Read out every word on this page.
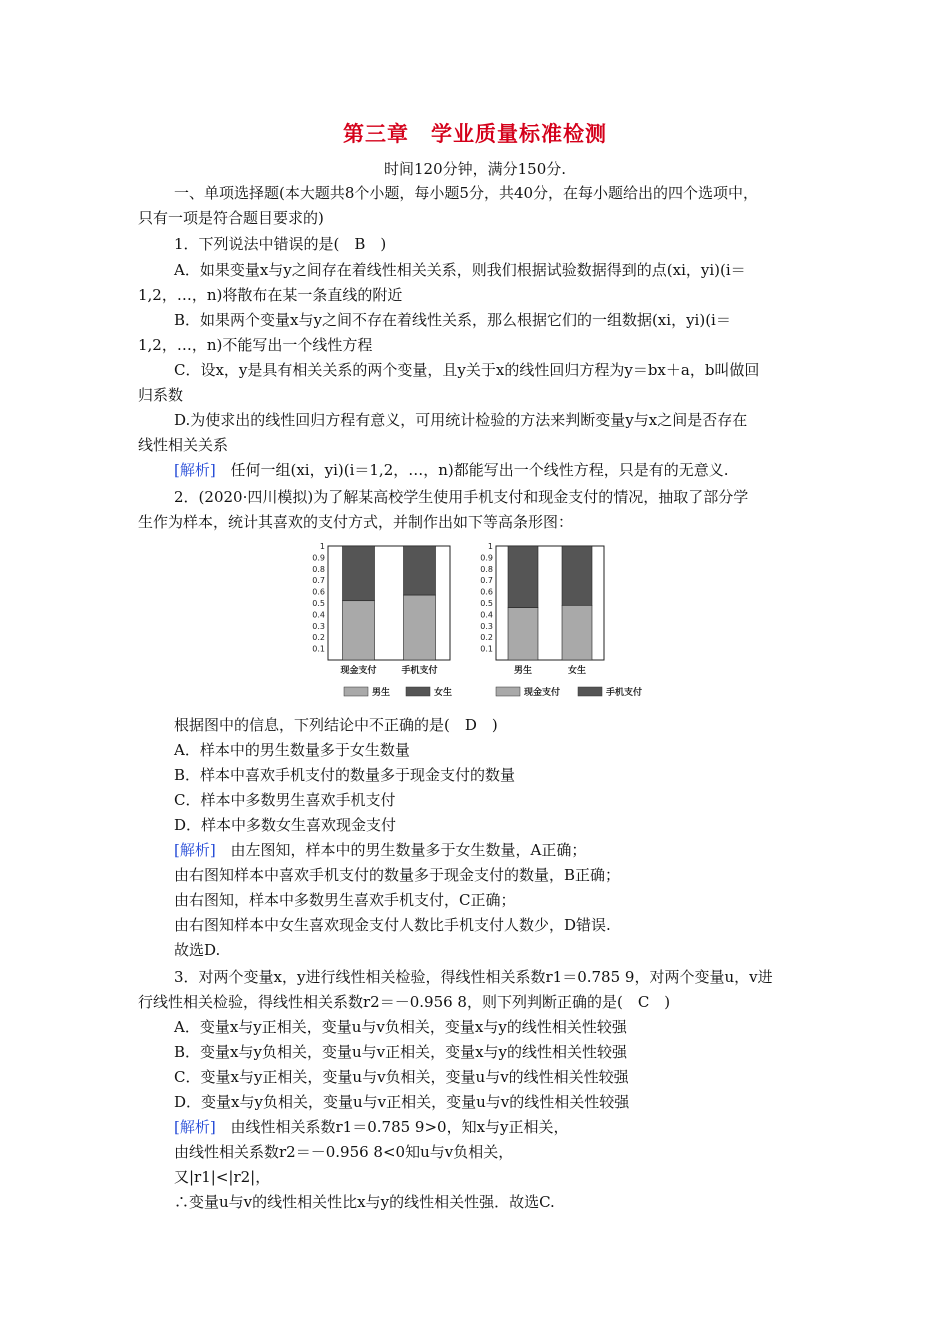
第三章　学业质量标准检测
时间120分钟，满分150分.
一、单项选择题(本大题共8个小题，每小题5分，共40分，在每小题给出的四个选项中，
只有一项是符合题目要求的)
1．下列说法中错误的是(　B　)
A．如果变量x与y之间存在着线性相关关系，则我们根据试验数据得到的点(xi，yi)(i＝
1,2，…，n)将散布在某一条直线的附近
B．如果两个变量x与y之间不存在着线性关系，那么根据它们的一组数据(xi，yi)(i＝
1,2，…，n)不能写出一个线性方程
C．设x，y是具有相关关系的两个变量，且y关于x的线性回归方程为y＝bx＋a，b叫做回
归系数
D.为使求出的线性回归方程有意义，可用统计检验的方法来判断变量y与x之间是否存在
线性相关关系
[解析] 任何一组(xi，yi)(i＝1,2，…，n)都能写出一个线性方程，只是有的无意义.
2．(2020·四川模拟)为了解某高校学生使用手机支付和现金支付的情况，抽取了部分学
生作为样本，统计其喜欢的支付方式，并制作出如下等高条形图：
0.1
0.2
0.3
0.4
0.5
0.6
0.7
0.8
0.9
1
现金支付	手机支付
男生	女生
0.1
0.2
0.3
0.4
0.5
0.6
0.7
0.8
0.9
1
男生	女生
现金支付	手机支付
根据图中的信息，下列结论中不正确的是(　D　)
A．样本中的男生数量多于女生数量
B．样本中喜欢手机支付的数量多于现金支付的数量
C．样本中多数男生喜欢手机支付
D．样本中多数女生喜欢现金支付
[解析] 由左图知，样本中的男生数量多于女生数量，A正确；
由右图知样本中喜欢手机支付的数量多于现金支付的数量，B正确；
由右图知，样本中多数男生喜欢手机支付，C正确；
由右图知样本中女生喜欢现金支付人数比手机支付人数少，D错误.
故选D.
3．对两个变量x，y进行线性相关检验，得线性相关系数r1＝0.785 9，对两个变量u，v进
行线性相关检验，得线性相关系数r2＝－0.956 8，则下列判断正确的是(　C　)
A．变量x与y正相关，变量u与v负相关，变量x与y的线性相关性较强
B．变量x与y负相关，变量u与v正相关，变量x与y的线性相关性较强
C．变量x与y正相关，变量u与v负相关，变量u与v的线性相关性较强
D．变量x与y负相关，变量u与v正相关，变量u与v的线性相关性较强
[解析] 由线性相关系数r1＝0.785 9>0，知x与y正相关，
由线性相关系数r2＝－0.956 8<0知u与v负相关，
又|r1|<|r2|，
∴变量u与v的线性相关性比x与y的线性相关性强．故选C.
